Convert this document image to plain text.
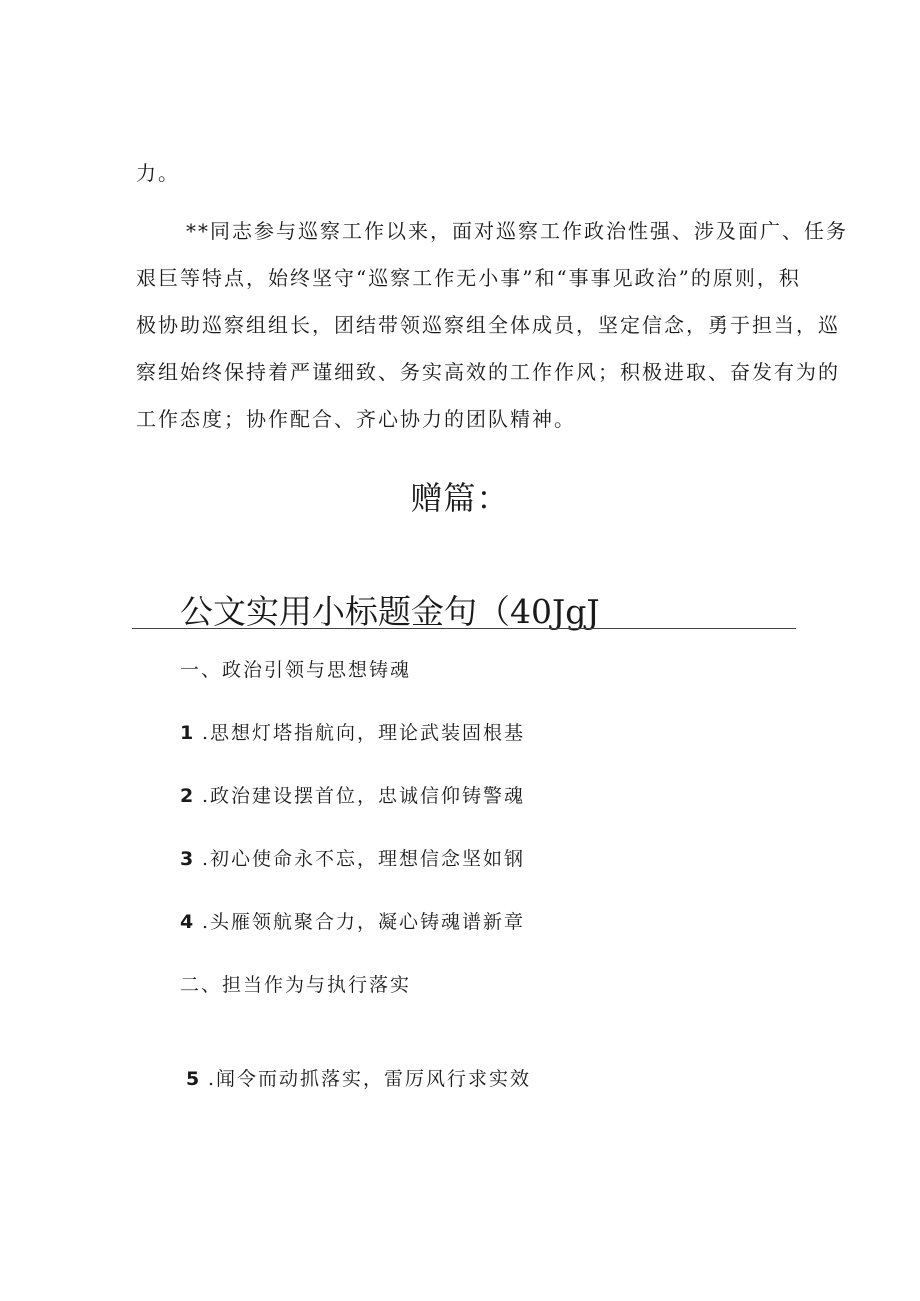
力。
**同志参与巡察工作以来，面对巡察工作政治性强、涉及面广、任务
艰巨等特点，始终坚守“巡察工作无小事”和“事事见政治”的原则，积
极协助巡察组组长，团结带领巡察组全体成员，坚定信念，勇于担当，巡
察组始终保持着严谨细致、务实高效的工作作风；积极进取、奋发有为的
工作态度；协作配合、齐心协力的团队精神。
赠篇：
公文实用小标题金句（40JgJ
一、政治引领与思想铸魂
1 .思想灯塔指航向，理论武装固根基
2 .政治建设摆首位，忠诚信仰铸警魂
3 .初心使命永不忘，理想信念坚如钢
4 .头雁领航聚合力，凝心铸魂谱新章
二、担当作为与执行落实
5 .闻令而动抓落实，雷厉风行求实效
